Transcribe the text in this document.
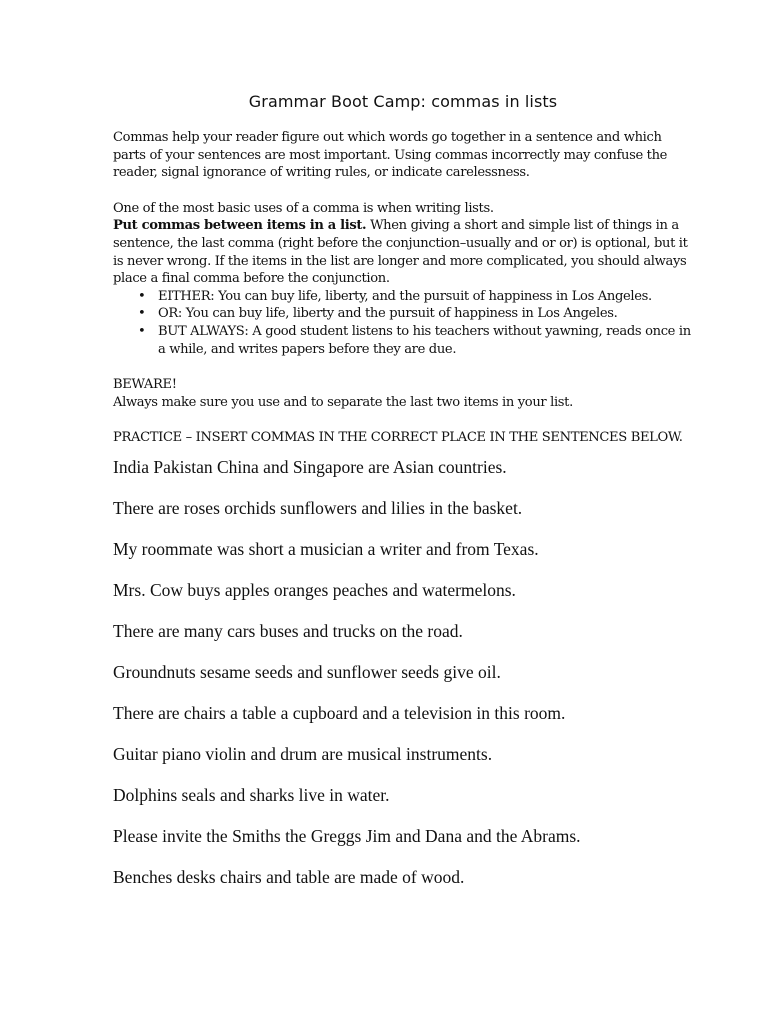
Grammar Boot Camp: commas in lists

Commas help your reader figure out which words go together in a sentence and which parts of your sentences are most important. Using commas incorrectly may confuse the reader, signal ignorance of writing rules, or indicate carelessness.

One of the most basic uses of a comma is when writing lists.

Put commas between items in a list. When giving a short and simple list of things in a sentence, the last comma (right before the conjunction–usually and or or) is optional, but it is never wrong. If the items in the list are longer and more complicated, you should always place a final comma before the conjunction.

• EITHER: You can buy life, liberty, and the pursuit of happiness in Los Angeles.
• OR: You can buy life, liberty and the pursuit of happiness in Los Angeles.
• BUT ALWAYS: A good student listens to his teachers without yawning, reads once in a while, and writes papers before they are due.

BEWARE!

Always make sure you use and to separate the last two items in your list.

PRACTICE – INSERT COMMAS IN THE CORRECT PLACE IN THE SENTENCES BELOW.

India Pakistan China and Singapore are Asian countries.
There are roses orchids sunflowers and lilies in the basket.
My roommate was short a musician a writer and from Texas.
Mrs. Cow buys apples oranges peaches and watermelons.
There are many cars buses and trucks on the road.
Groundnuts sesame seeds and sunflower seeds give oil.
There are chairs a table a cupboard and a television in this room.
Guitar piano violin and drum are musical instruments.
Dolphins seals and sharks live in water.
Please invite the Smiths the Greggs Jim and Dana and the Abrams.
Benches desks chairs and table are made of wood.
